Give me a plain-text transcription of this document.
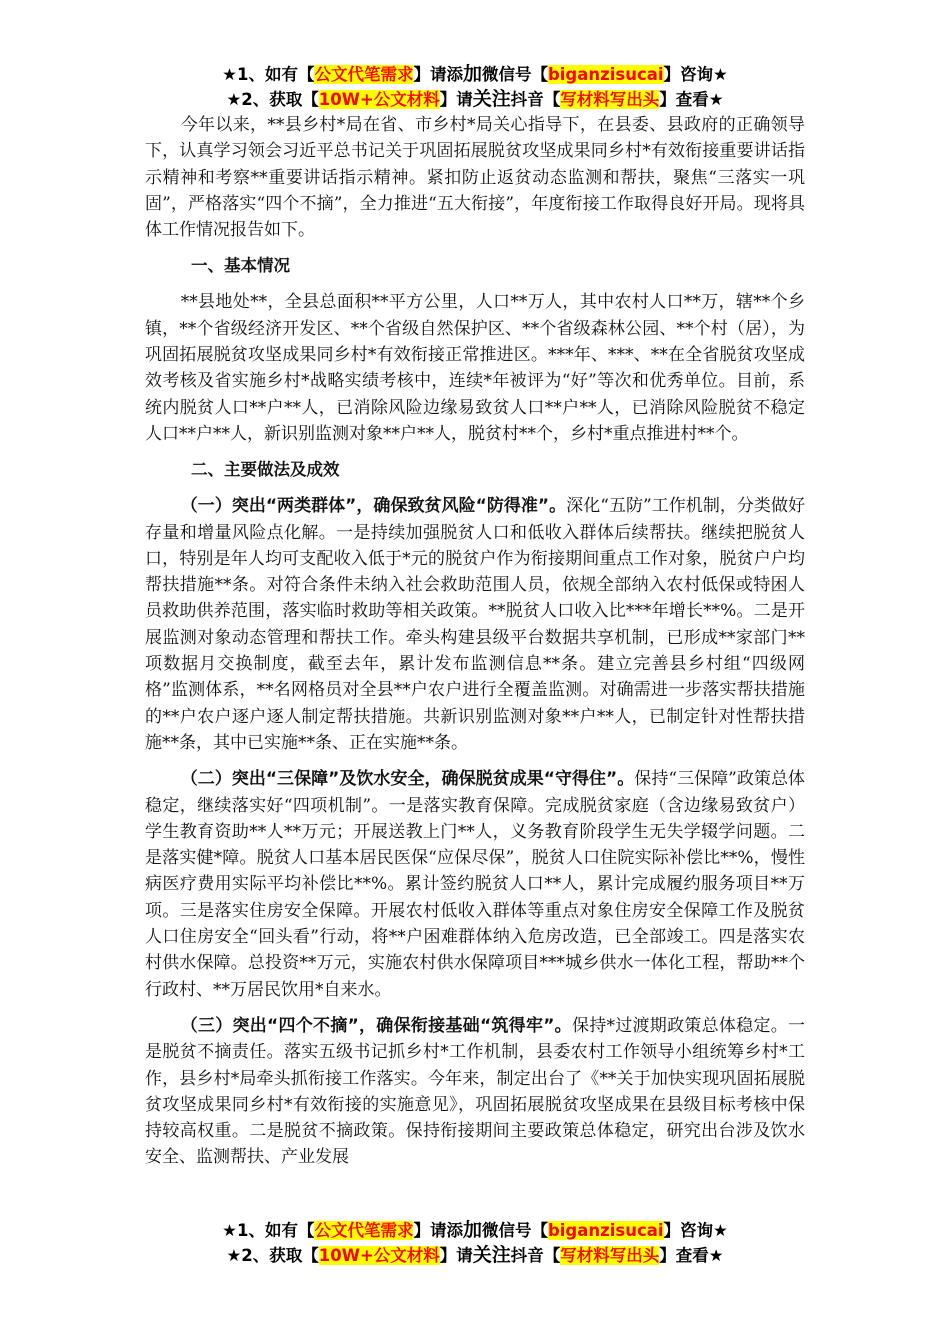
★1、如有【公文代笔需求】请添加微信号【biganzisucai】咨询★
★2、获取【10W+公文材料】请关注抖音【写材料写出头】查看★

今年以来，**县乡村*局在省、市乡村*局关心指导下，在县委、县政府的正确领导下，认真学习领会习近平总书记关于巩固拓展脱贫攻坚成果同乡村*有效衔接重要讲话指示精神和考察**重要讲话指示精神。紧扣防止返贫动态监测和帮扶，聚焦“三落实一巩固”，严格落实“四个不摘”，全力推进“五大衔接”，年度衔接工作取得良好开局。现将具体工作情况报告如下。

一、基本情况

**县地处**，全县总面积**平方公里，人口**万人，其中农村人口**万，辖**个乡镇，**个省级经济开发区、**个省级自然保护区、**个省级森林公园、**个村（居），为巩固拓展脱贫攻坚成果同乡村*有效衔接正常推进区。***年、***、**在全省脱贫攻坚成效考核及省实施乡村*战略实绩考核中，连续*年被评为“好”等次和优秀单位。目前，系统内脱贫人口**户**人，已消除风险边缘易致贫人口**户**人，已消除风险脱贫不稳定人口**户**人，新识别监测对象**户**人，脱贫村**个，乡村*重点推进村**个。

二、主要做法及成效

（一）突出“两类群体”，确保致贫风险“防得准”。深化“五防”工作机制，分类做好存量和增量风险点化解。一是持续加强脱贫人口和低收入群体后续帮扶。继续把脱贫人口，特别是年人均可支配收入低于*元的脱贫户作为衔接期间重点工作对象，脱贫户户均帮扶措施**条。对符合条件未纳入社会救助范围人员，依规全部纳入农村低保或特困人员救助供养范围，落实临时救助等相关政策。**脱贫人口收入比***年增长**%。二是开展监测对象动态管理和帮扶工作。牵头构建县级平台数据共享机制，已形成**家部门**项数据月交换制度，截至去年，累计发布监测信息**条。建立完善县乡村组“四级网格”监测体系，**名网格员对全县**户农户进行全覆盖监测。对确需进一步落实帮扶措施的**户农户逐户逐人制定帮扶措施。共新识别监测对象**户**人，已制定针对性帮扶措施**条，其中已实施**条、正在实施**条。

（二）突出“三保障”及饮水安全，确保脱贫成果“守得住”。保持“三保障”政策总体稳定，继续落实好“四项机制”。一是落实教育保障。完成脱贫家庭（含边缘易致贫户）学生教育资助**人**万元；开展送教上门**人，义务教育阶段学生无失学辍学问题。二是落实健*障。脱贫人口基本居民医保“应保尽保”，脱贫人口住院实际补偿比**%，慢性病医疗费用实际平均补偿比**%。累计签约脱贫人口**人，累计完成履约服务项目**万项。三是落实住房安全保障。开展农村低收入群体等重点对象住房安全保障工作及脱贫人口住房安全“回头看”行动，将**户困难群体纳入危房改造，已全部竣工。四是落实农村供水保障。总投资**万元，实施农村供水保障项目***城乡供水一体化工程，帮助**个行政村、**万居民饮用*自来水。

（三）突出“四个不摘”，确保衔接基础“筑得牢”。保持*过渡期政策总体稳定。一是脱贫不摘责任。落实五级书记抓乡村*工作机制，县委农村工作领导小组统筹乡村*工作，县乡村*局牵头抓衔接工作落实。今年来，制定出台了《**关于加快实现巩固拓展脱贫攻坚成果同乡村*有效衔接的实施意见》，巩固拓展脱贫攻坚成果在县级目标考核中保持较高权重。二是脱贫不摘政策。保持衔接期间主要政策总体稳定，研究出台涉及饮水安全、监测帮扶、产业发展

★1、如有【公文代笔需求】请添加微信号【biganzisucai】咨询★
★2、获取【10W+公文材料】请关注抖音【写材料写出头】查看★
